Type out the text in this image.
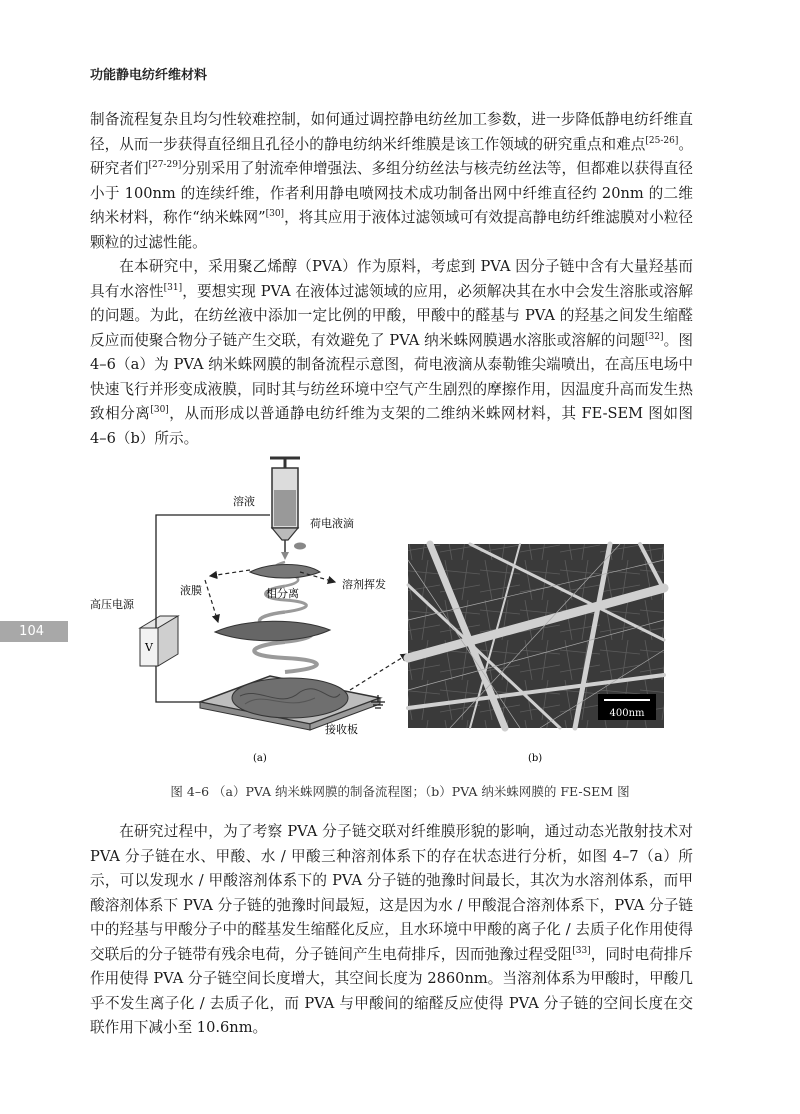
功能静电纺纤维材料
104

制备流程复杂且均匀性较难控制，如何通过调控静电纺丝加工参数，进一步降低静电纺纤维直径，从而一步获得直径细且孔径小的静电纺纳米纤维膜是该工作领域的研究重点和难点[25-26]。研究者们[27-29]分别采用了射流牵伸增强法、多组分纺丝法与核壳纺丝法等，但都难以获得直径小于 100nm 的连续纤维，作者利用静电喷网技术成功制备出网中纤维直径约 20nm 的二维纳米材料，称作“纳米蛛网”[30]，将其应用于液体过滤领域可有效提高静电纺纤维滤膜对小粒径颗粒的过滤性能。

在本研究中，采用聚乙烯醇（PVA）作为原料，考虑到 PVA 因分子链中含有大量羟基而具有水溶性[31]，要想实现 PVA 在液体过滤领域的应用，必须解决其在水中会发生溶胀或溶解的问题。为此，在纺丝液中添加一定比例的甲酸，甲酸中的醛基与 PVA 的羟基之间发生缩醛反应而使聚合物分子链产生交联，有效避免了 PVA 纳米蛛网膜遇水溶胀或溶解的问题[32]。图 4–6（a）为 PVA 纳米蛛网膜的制备流程示意图，荷电液滴从泰勒锥尖端喷出，在高压电场中快速飞行并形变成液膜，同时其与纺丝环境中空气产生剧烈的摩擦作用，因温度升高而发生热致相分离[30]，从而形成以普通静电纺纤维为支架的二维纳米蛛网材料，其 FE-SEM 图如图 4–6（b）所示。

V
溶液
荷电液滴
液膜	溶剂挥发
相分离
高压电源
接收板
(a)
400nm
(b)
图 4–6 （a）PVA 纳米蛛网膜的制备流程图；（b）PVA 纳米蛛网膜的 FE-SEM 图

在研究过程中，为了考察 PVA 分子链交联对纤维膜形貌的影响，通过动态光散射技术对 PVA 分子链在水、甲酸、水 / 甲酸三种溶剂体系下的存在状态进行分析，如图 4–7（a）所示，可以发现水 / 甲酸溶剂体系下的 PVA 分子链的弛豫时间最长，其次为水溶剂体系，而甲酸溶剂体系下 PVA 分子链的弛豫时间最短，这是因为水 / 甲酸混合溶剂体系下，PVA 分子链中的羟基与甲酸分子中的醛基发生缩醛化反应，且水环境中甲酸的离子化 / 去质子化作用使得交联后的分子链带有残余电荷，分子链间产生电荷排斥，因而弛豫过程受阻[33]，同时电荷排斥作用使得 PVA 分子链空间长度增大，其空间长度为 2860nm。当溶剂体系为甲酸时，甲酸几乎不发生离子化 / 去质子化，而 PVA 与甲酸间的缩醛反应使得 PVA 分子链的空间长度在交联作用下减小至 10.6nm。
